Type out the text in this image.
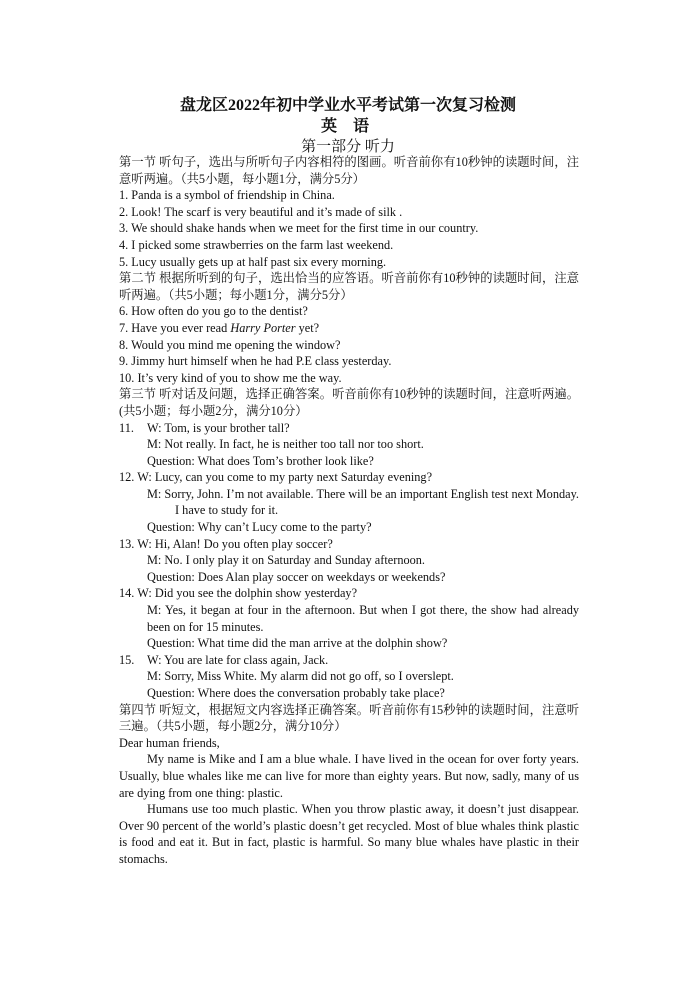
盘龙区2022年初中学业水平考试第一次复习检测
英 语
第一部分 听力

第一节 听句子，选出与所听句子内容相符的图画。听音前你有10秒钟的读题时间，注意听两遍。（共5小题，每小题1分，满分5分）

1. Panda is a symbol of friendship in China.

2. Look! The scarf is very beautiful and it’s made of silk .

3. We should shake hands when we meet for the first time in our country.

4. I picked some strawberries on the farm last weekend.

5. Lucy usually gets up at half past six every morning.

第二节 根据所听到的句子，选出恰当的应答语。听音前你有10秒钟的读题时间，注意听两遍。（共5小题；每小题1分，满分5分）

6. How often do you go to the dentist?

7. Have you ever read Harry Porter yet?

8. Would you mind me opening the window?

9. Jimmy hurt himself when he had P.E class yesterday.

10. It’s very kind of you to show me the way.

第三节 听对话及问题，选择正确答案。听音前你有10秒钟的读题时间，注意听两遍。(共5小题；每小题2分，满分10分）

11. W: Tom, is your brother tall?

M: Not really. In fact, he is neither too tall nor too short.

Question: What does Tom’s brother look like?

12. W: Lucy, can you come to my party next Saturday evening?

M: Sorry, John. I’m not available. There will be an important English test next Monday. I have to study for it.

Question: Why can’t Lucy come to the party?

13. W: Hi, Alan! Do you often play soccer?

M: No. I only play it on Saturday and Sunday afternoon.

Question: Does Alan play soccer on weekdays or weekends?

14. W: Did you see the dolphin show yesterday?

M: Yes, it began at four in the afternoon. But when I got there, the show had already been on for 15 minutes.

Question: What time did the man arrive at the dolphin show?

15. W: You are late for class again, Jack.

M: Sorry, Miss White. My alarm did not go off, so I overslept.

Question: Where does the conversation probably take place?

第四节 听短文，根据短文内容选择正确答案。听音前你有15秒钟的读题时间，注意听三遍。（共5小题，每小题2分，满分10分）

Dear human friends,

My name is Mike and I am a blue whale. I have lived in the ocean for over forty years. Usually, blue whales like me can live for more than eighty years. But now, sadly, many of us are dying from one thing: plastic.

Humans use too much plastic. When you throw plastic away, it doesn’t just disappear. Over 90 percent of the world’s plastic doesn’t get recycled. Most of blue whales think plastic is food and eat it. But in fact, plastic is harmful. So many blue whales have plastic in their stomachs.
